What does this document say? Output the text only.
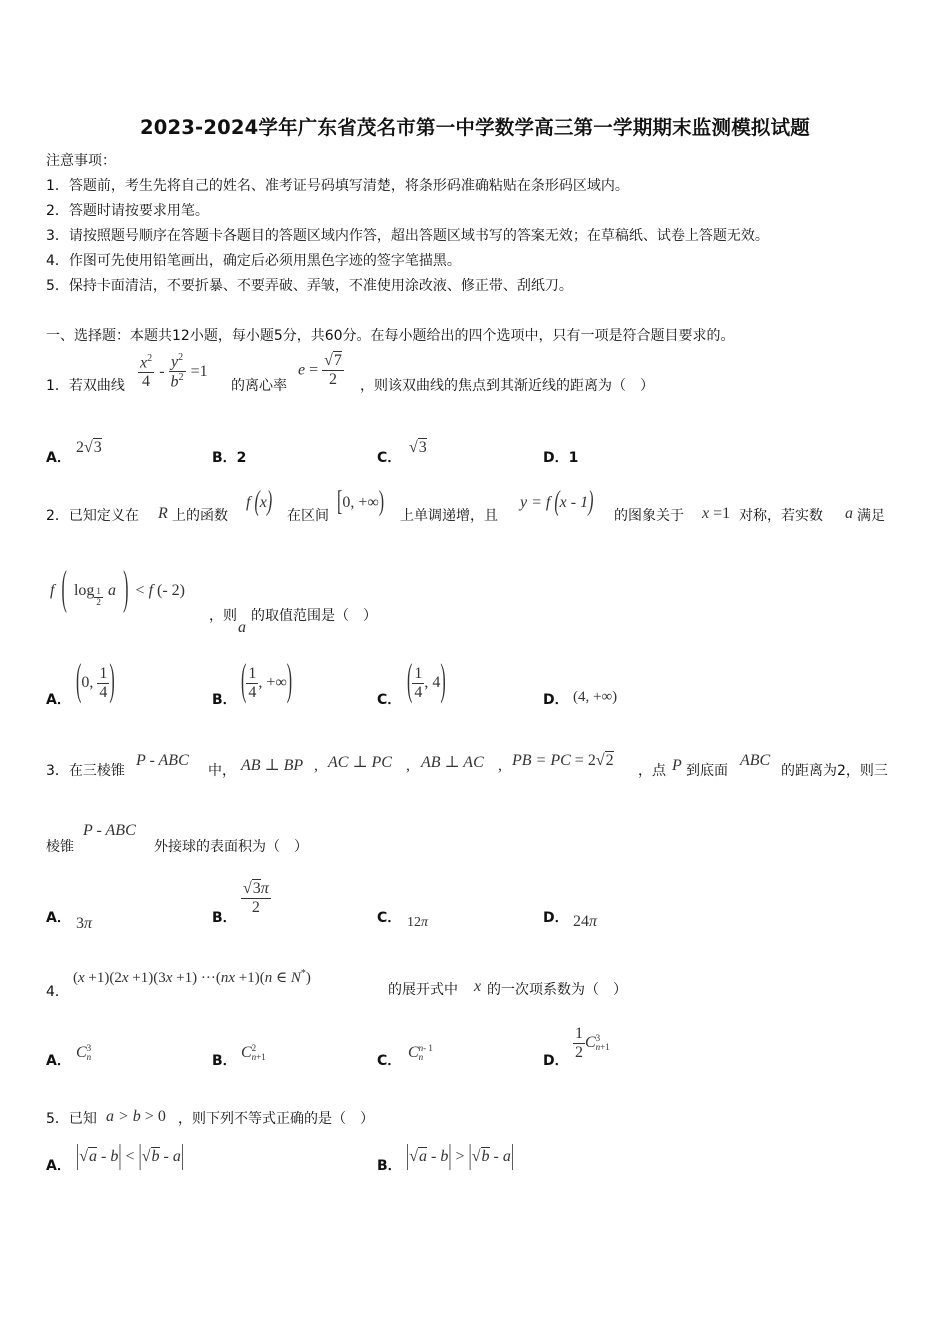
2023-2024学年广东省茂名市第一中学数学高三第一学期期末监测模拟试题
注意事项：
1．答题前，考生先将自己的姓名、准考证号码填写清楚，将条形码准确粘贴在条形码区域内。
2．答题时请按要求用笔。
3．请按照题号顺序在答题卡各题目的答题区域内作答，超出答题区域书写的答案无效；在草稿纸、试卷上答题无效。
4．作图可先使用铅笔画出，确定后必须用黑色字迹的签字笔描黑。
5．保持卡面清洁，不要折暴、不要弄破、弄皱，不准使用涂改液、修正带、刮纸刀。
一、选择题：本题共12小题，每小题5分，共60分。在每小题给出的四个选项中，只有一项是符合题目要求的。
1．若双曲线 $\frac{x^2}{4} - \frac{y^2}{b^2} =1$
的离心率
$e = \frac{√7}{2}$ ，则该双曲线的焦点到其渐近线的距离为（　）
A．
2√3
B．2	C．
√3
D．1
2．已知定义在 R 上的函数
f (x) 在区间 [0, +∞) 上单调递增，且
y = f (x - 1) 的图象关于 x =1 对称，若实数 a 满足
f ( $\log \frac{1}{2}$ a ) < f (- 2)
，则
a
的取值范围是（　）
A． (0, $\frac{1}{4}$ )	B． ( $\frac{1}{4}$ , +∞)	C． ( $\frac{1}{4}$ , 4)	D． (4, +∞)
3．在三棱锥
P - ABC
中， AB ⊥ BP , AC ⊥ PC , AB ⊥ AC , PB = PC = 2√2
，点 P 到底面
ABC
的距离为2，则三
棱锥
P - ABC
外接球的表面积为（　）
A． 3π	B．
$\frac{√3\pi}{2}$
C． 12π	D． 24π
4．
(x +1)(2x +1)(3x +1) ···(nx +1)(n ∈ N*)
的展开式中 x 的一次项系数为（　）
A． C 3
n	B． C 2
n+1	C． C n- 1
n	D． $\frac{1}{2}$ C 3
n+1
5．已知 a > b > 0 ，则下列不等式正确的是（　）
A． |√a - b| < |√b - a|	B． |√a - b| > |√b - a|
